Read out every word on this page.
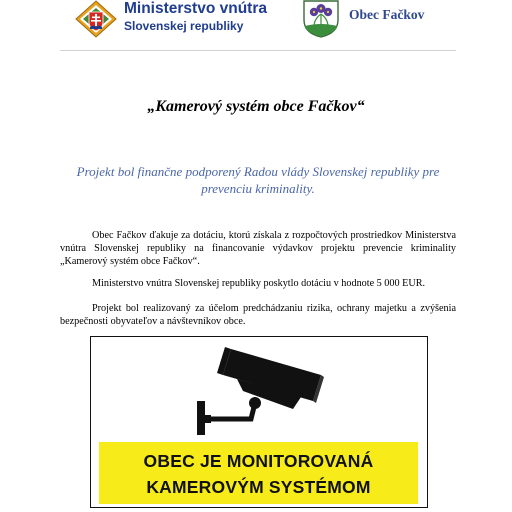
Ministerstvo vnútra
Slovenskej republiky
Obec Fačkov
„Kamerový systém obce Fačkov“
Projekt bol finančne podporený Radou vlády Slovenskej republiky pre prevenciu kriminality.
Obec Fačkov ďakuje za dotáciu, ktorú získala z rozpočtových prostriedkov Ministerstva vnútra Slovenskej republiky na financovanie výdavkov projektu prevencie kriminality „Kamerový systém obce Fačkov“.
Ministerstvo vnútra Slovenskej republiky poskytlo dotáciu v hodnote 5 000 EUR.
Projekt bol realizovaný za účelom predchádzaniu rizika, ochrany majetku a zvýšenia bezpečnosti obyvateľov a návštevníkov obce.
OBEC JE MONITOROVANÁ
KAMEROVÝM SYSTÉMOM
